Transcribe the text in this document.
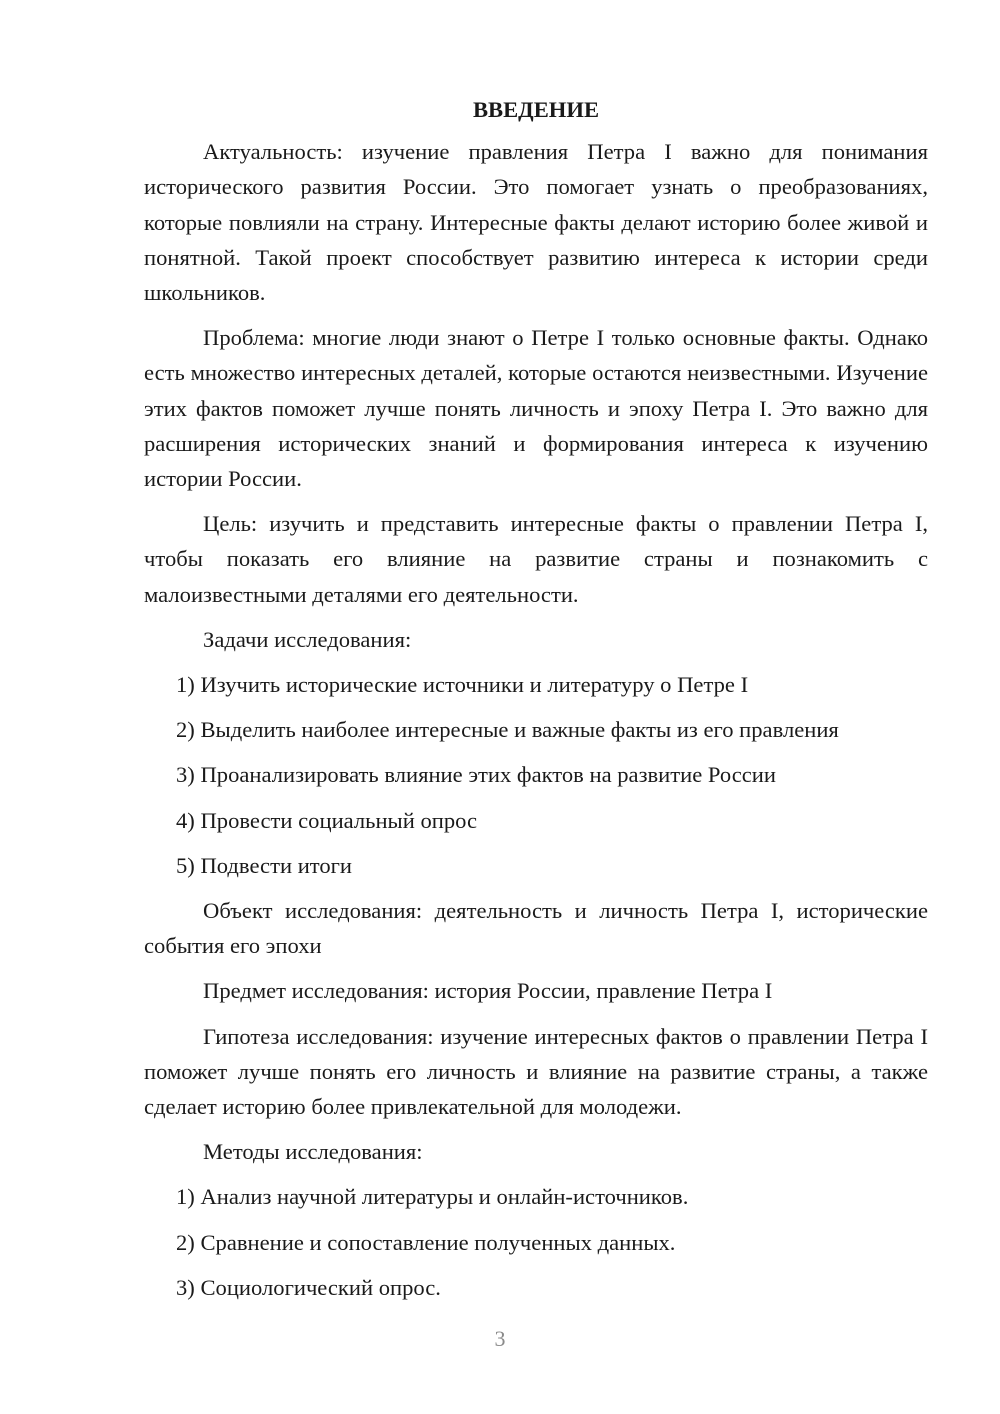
ВВЕДЕНИЕ

Актуальность: изучение правления Петра I важно для понимания исторического развития России. Это помогает узнать о преобразованиях, которые повлияли на страну. Интересные факты делают историю более живой и понятной. Такой проект способствует развитию интереса к истории среди школьников.

Проблема: многие люди знают о Петре I только основные факты. Однако есть множество интересных деталей, которые остаются неизвестными. Изучение этих фактов поможет лучше понять личность и эпоху Петра I. Это важно для расширения исторических знаний и формирования интереса к изучению истории России.

Цель: изучить и представить интересные факты о правлении Петра I, чтобы показать его влияние на развитие страны и познакомить с малоизвестными деталями его деятельности.

Задачи исследования:

1) Изучить исторические источники и литературу о Петре I

2) Выделить наиболее интересные и важные факты из его правления

3) Проанализировать влияние этих фактов на развитие России

4) Провести социальный опрос

5) Подвести итоги

Объект исследования: деятельность и личность Петра I, исторические события его эпохи

Предмет исследования: история России, правление Петра I

Гипотеза исследования: изучение интересных фактов о правлении Петра I поможет лучше понять его личность и влияние на развитие страны, а также сделает историю более привлекательной для молодежи.

Методы исследования:

1) Анализ научной литературы и онлайн-источников.

2) Сравнение и сопоставление полученных данных.

3) Социологический опрос.

3
